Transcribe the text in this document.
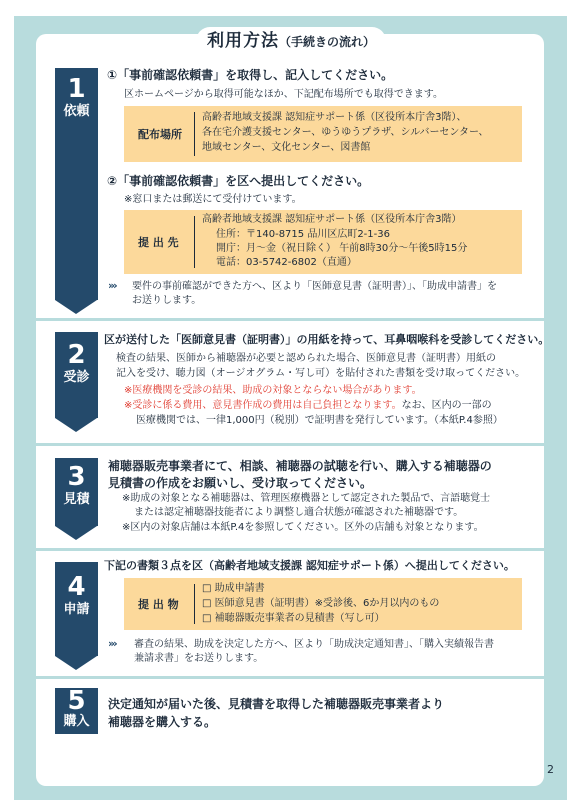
利用方法（手続きの流れ）
1
依頼
①「事前確認依頼書」を取得し、記入してください。
区ホームページから取得可能なほか、下記配布場所でも取得できます。
配布場所
高齢者地域支援課 認知症サポート係（区役所本庁舎3階）、
各在宅介護支援センター、ゆうゆうプラザ、シルバーセンター、
地域センター、文化センター、図書館
②「事前確認依頼書」を区へ提出してください。
※窓口または郵送にて受付けています。
提 出 先
高齢者地域支援課 認知症サポート係（区役所本庁舎3階）
住所：〒140-8715 品川区広町2-1-36
開庁：月～金（祝日除く） 午前8時30分～午後5時15分
電話：03-5742-6802（直通）
››› 要件の事前確認ができた方へ、区より「医師意見書（証明書）」、「助成申請書」を
お送りします。
2
受診
区が送付した「医師意見書（証明書）」の用紙を持って、耳鼻咽喉科を受診してください。
検査の結果、医師から補聴器が必要と認められた場合、医師意見書（証明書）用紙の
記入を受け、聴力図（オージオグラム・写し可）を貼付された書類を受け取ってください。
※医療機関を受診の結果、助成の対象とならない場合があります。
※受診に係る費用、意見書作成の費用は自己負担となります。なお、区内の一部の
医療機関では、一律1,000円（税別）で証明書を発行しています。（本紙P.4参照）
3
見積
補聴器販売事業者にて、相談、補聴器の試聴を行い、購入する補聴器の
見積書の作成をお願いし、受け取ってください。
※助成の対象となる補聴器は、管理医療機器として認定された製品で、言語聴覚士
または認定補聴器技能者により調整し適合状態が確認された補聴器です。
※区内の対象店舗は本紙P.4を参照してください。区外の店舗も対象となります。
4
申請
下記の書類３点を区（高齢者地域支援課 認知症サポート係）へ提出してください。
提 出 物
□ 助成申請書
□ 医師意見書（証明書）※受診後、6か月以内のもの
□ 補聴器販売事業者の見積書（写し可）
››› 審査の結果、助成を決定した方へ、区より「助成決定通知書」、「購入実績報告書
兼請求書」をお送りします。
5
購入
決定通知が届いた後、見積書を取得した補聴器販売事業者より
補聴器を購入する。
2
